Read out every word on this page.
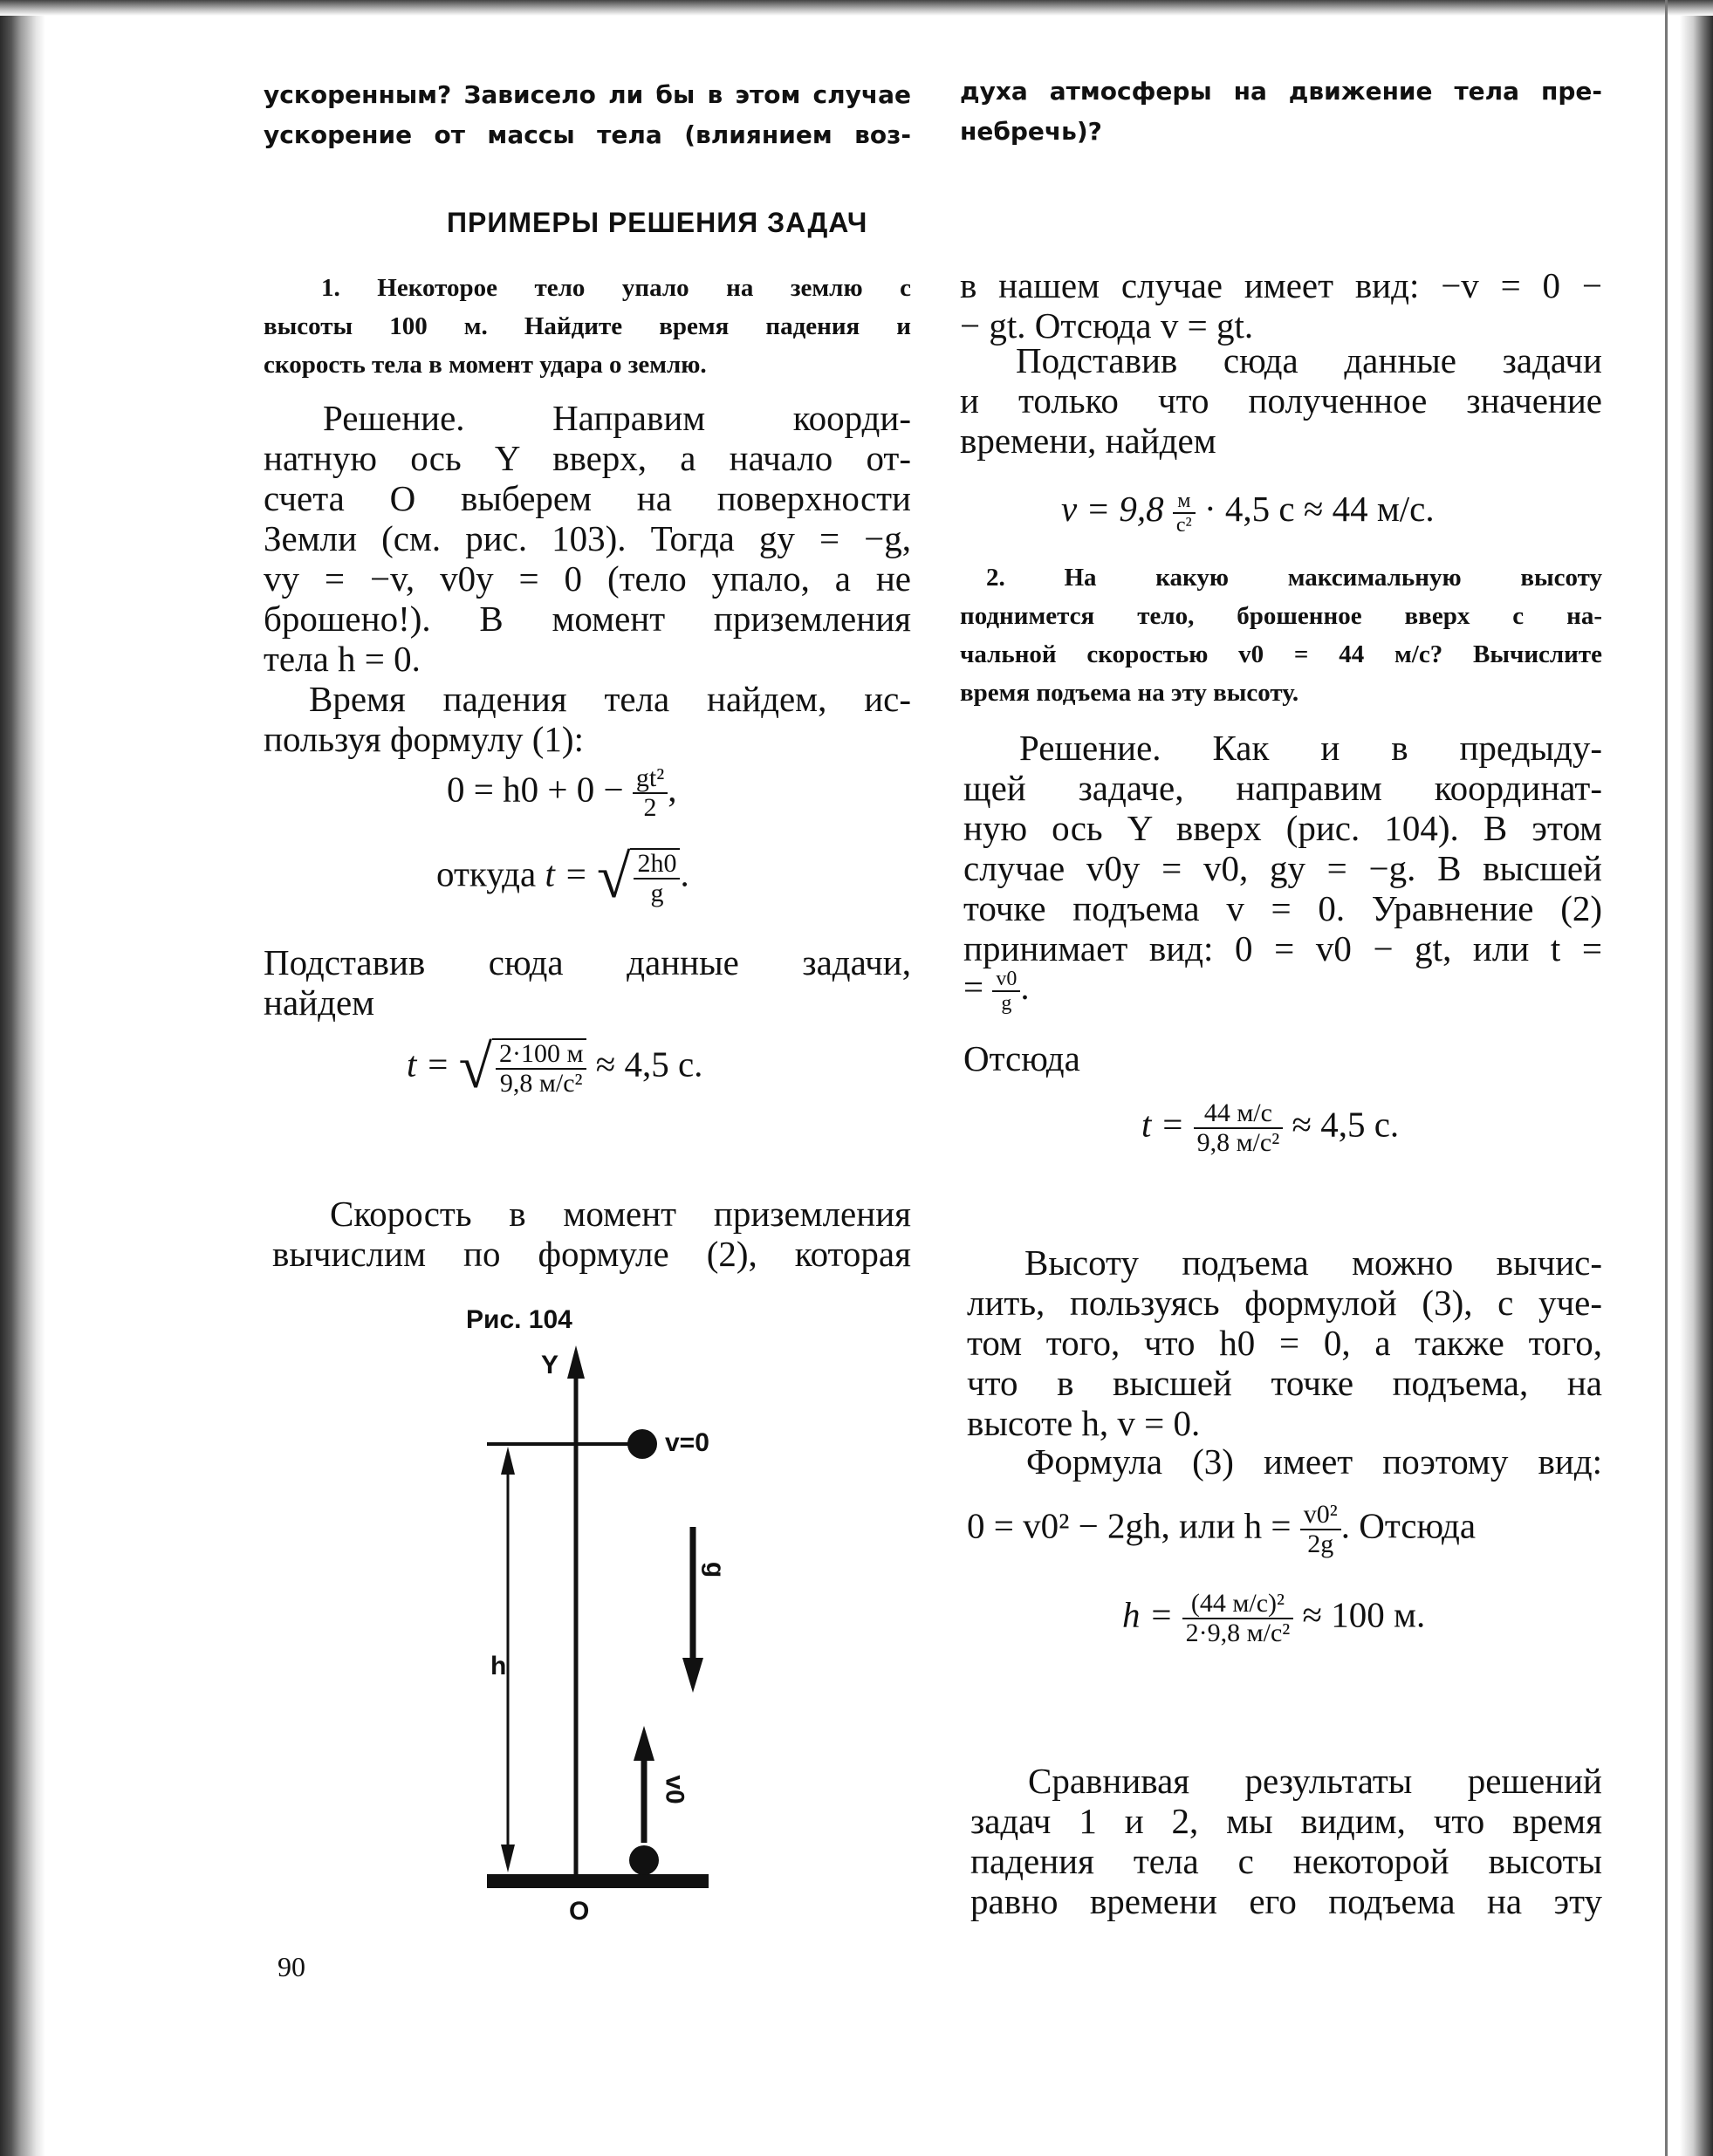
ускоренным? Зависело ли бы в этом случае
ускорение от массы тела (влиянием воз-
духа атмосферы на движение тела пре-
небречь)?
ПРИМЕРЫ РЕШЕНИЯ ЗАДАЧ
1. Некоторое тело упало на землю с
высоты 100 м. Найдите время падения и
скорость тела в момент удара о землю.
Решение. Направим коорди-
натную ось Y вверх, а начало от-
счета O выберем на поверхности
Земли (см. рис. 103). Тогда gy = −g,
vy = −v, v0y = 0 (тело упало, а не
брошено!). В момент приземления
тела h = 0.
Время падения тела найдем, ис-
пользуя формулу (1):
$0 = h0 + 0 - \frac{\text{gt²}}{2}$ ,
откуда t = √ $\frac{2h0}{g}$ .
Подставив сюда данные задачи,
найдем
t = √ $\frac{2\cdot 100 м}{\text{9,8 м/c²}} \approx 4,5$ с.
Скорость в момент приземления
вычислим по формуле (2), которая
Рис. 104
Y
v=0
g
h
v0
O
90
в нашем случае имеет вид: −v = 0 −
− gt. Отсюда v = gt.
Подставив сюда данные задачи
и только что полученное значение
времени, найдем
$v = 9,8 \frac{м}{\text{c²}} \cdot 4,5$ с ≈ 44 м/с.
2. На какую максимальную высоту
поднимется тело, брошенное вверх с на-
чальной скоростью v0 = 44 м/с? Вычислите
время подъема на эту высоту.
Решение. Как и в предыду-
щей задаче, направим координат-
ную ось Y вверх (рис. 104). В этом
случае v0y = v0, gy = −g. В высшей
точке подъема v = 0. Уравнение (2)
принимает вид: 0 = v0 − gt, или t =
= $\frac{v0}{g}$ .
Отсюда
$t = \frac{44 м/с}{\text{9,8 м/c²}} \approx 4,5$ с.
Высоту подъема можно вычис-
лить, пользуясь формулой (3), с уче-
том того, что h0 = 0, а также того,
что в высшей точке подъема, на
высоте h, v = 0.
Формула (3) имеет поэтому вид:
0 = v0² − 2gh, или $h = \frac{\text{v0²}}{2g}$ . Отсюда
$h = \frac{\text{(44 м/с)²}}{\text{2·9,8 м/c²}} \approx 100$ м.
Сравнивая результаты решений
задач 1 и 2, мы видим, что время
падения тела с некоторой высоты
равно времени его подъема на эту
